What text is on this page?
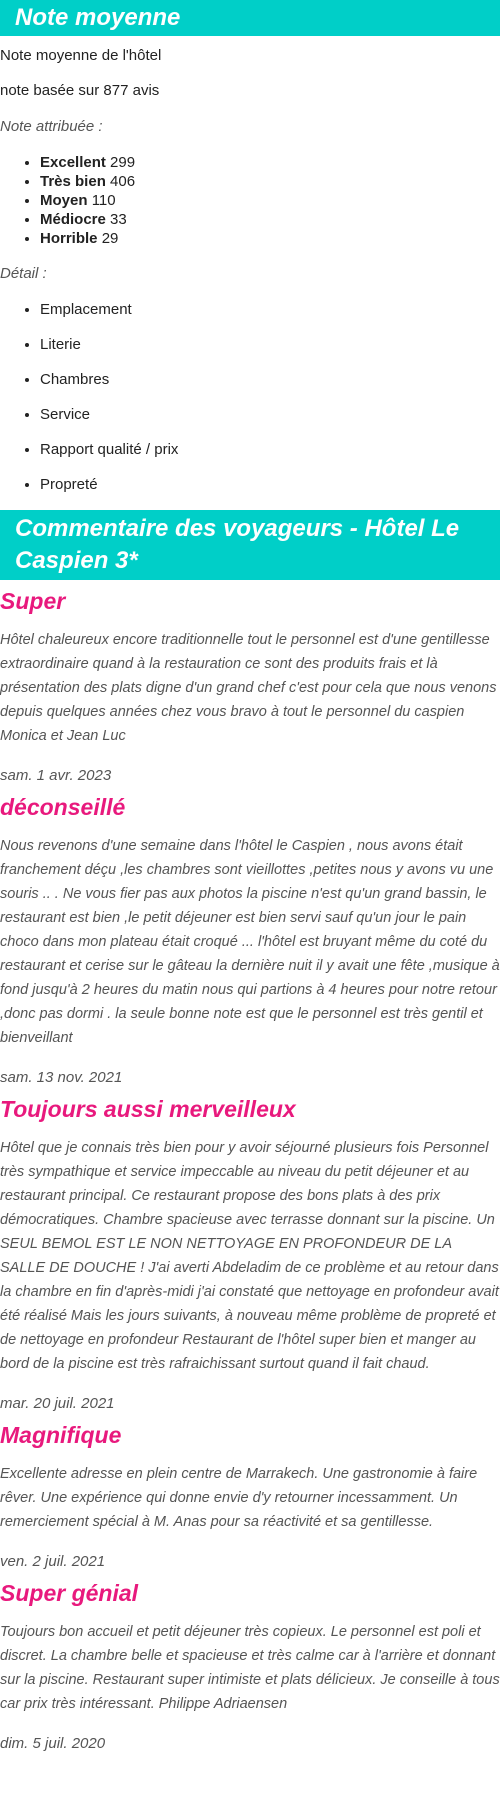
Note moyenne

Note moyenne de l'hôtel

note basée sur 877 avis

Note attribuée :

• Excellent 299
• Très bien 406
• Moyen 110
• Médiocre 33
• Horrible 29

Détail :

• Emplacement
• Literie
• Chambres
• Service
• Rapport qualité / prix
• Propreté
Commentaire des voyageurs - Hôtel Le Caspien 3*
Super

Hôtel chaleureux encore traditionnelle tout le personnel est d'une gentillesse extraordinaire quand à la restauration ce sont des produits frais et là présentation des plats digne d'un grand chef c'est pour cela que nous venons depuis quelques années chez vous bravo à tout le personnel du caspien Monica et Jean Luc

sam. 1 avr. 2023

déconseillé

Nous revenons d'une semaine dans l'hôtel le Caspien , nous avons était franchement déçu ,les chambres sont vieillottes ,petites nous y avons vu une souris .. . Ne vous fier pas aux photos la piscine n'est qu'un grand bassin, le restaurant est bien ,le petit déjeuner est bien servi sauf qu'un jour le pain choco dans mon plateau était croqué ... l'hôtel est bruyant même du coté du restaurant et cerise sur le gâteau la dernière nuit il y avait une fête ,musique à fond jusqu'à 2 heures du matin nous qui partions à 4 heures pour notre retour ,donc pas dormi . la seule bonne note est que le personnel est très gentil et bienveillant

sam. 13 nov. 2021

Toujours aussi merveilleux

Hôtel que je connais très bien pour y avoir séjourné plusieurs fois Personnel très sympathique et service impeccable au niveau du petit déjeuner et au restaurant principal. Ce restaurant propose des bons plats à des prix démocratiques. Chambre spacieuse avec terrasse donnant sur la piscine. Un SEUL BEMOL EST LE NON NETTOYAGE EN PROFONDEUR DE LA SALLE DE DOUCHE ! J'ai averti Abdeladim de ce problème et au retour dans la chambre en fin d'après-midi j'ai constaté que nettoyage en profondeur avait été réalisé Mais les jours suivants, à nouveau même problème de propreté et de nettoyage en profondeur Restaurant de l'hôtel super bien et manger au bord de la piscine est très rafraichissant surtout quand il fait chaud.

mar. 20 juil. 2021

Magnifique

Excellente adresse en plein centre de Marrakech. Une gastronomie à faire rêver. Une expérience qui donne envie d'y retourner incessamment. Un remerciement spécial à M. Anas pour sa réactivité et sa gentillesse.

ven. 2 juil. 2021

Super génial

Toujours bon accueil et petit déjeuner très copieux. Le personnel est poli et discret. La chambre belle et spacieuse et très calme car à l'arrière et donnant sur la piscine. Restaurant super intimiste et plats délicieux. Je conseille à tous car prix très intéressant. Philippe Adriaensen

dim. 5 juil. 2020
